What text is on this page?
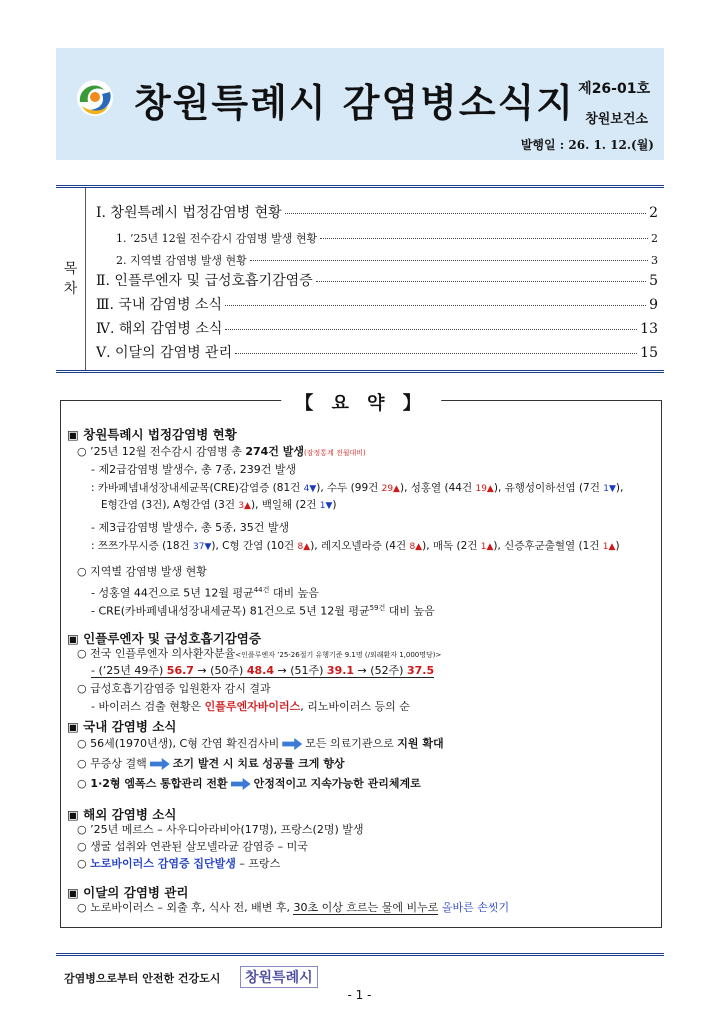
창원특례시 감염병소식지 제26-01호
창원보건소
발행일 : 26. 1. 12.(월)
목
차
Ⅰ. 창원특례시 법정감염병 현황	2
1. ’25년 12월 전수감시 감염병 발생 현황	2
2. 지역별 감염병 발생 현황	3
Ⅱ. 인플루엔자 및 급성호흡기감염증	5
Ⅲ. 국내 감염병 소식	9
Ⅳ. 해외 감염병 소식	13
Ⅴ. 이달의 감염병 관리	15
【 요 약 】
▣ 창원특례시 법정감염병 현황
○ ’25년 12월 전수감시 감염병 총 274건 발생(잠정통계 전월대비)
- 제2급감염병 발생수, 총 7종, 239건 발생
: 카바페넴내성장내세균목(CRE)감염증 (81건 4▼), 수두 (99건 29▲), 성홍열 (44건 19▲), 유행성이하선염 (7건 1▼),
E형간염 (3건), A형간염 (3건 3▲), 백일해 (2건 1▼)
- 제3급감염병 발생수, 총 5종, 35건 발생
: 쯔쯔가무시증 (18건 37▼), C형 간염 (10건 8▲), 레지오넬라증 (4건 8▲), 매독 (2건 1▲), 신증후군출혈열 (1건 1▲)
○ 지역별 감염병 발생 현황
- 성홍열 44건으로 5년 12월 평균$^{44건}$ 대비 높음
- CRE(카바페넴내성장내세균목) 81건으로 5년 12월 평균$^{59건}$ 대비 높음
▣ 인플루엔자 및 급성호흡기감염증
○ 전국 인플루엔자 의사환자분율<인플루엔자 ’25-26절기 유행기준 9.1명 (/외래환자 1,000명당)>
- (’25년 49주) 56.7 → (50주) 48.4 → (51주) 39.1 → (52주) 37.5
○ 급성호흡기감염증 입원환자 감시 결과
- 바이러스 검출 현황은 인플루엔자바이러스, 리노바이러스 등의 순
▣ 국내 감염병 소식
○ 56세(1970년생), C형 간염 확진검사비 모든 의료기관으로 지원 확대
○ 무증상 결핵 조기 발견 시 치료 성공률 크게 향상
○ 1·2형 엠폭스 통합관리 전환 안정적이고 지속가능한 관리체계로
▣ 해외 감염병 소식
○ ’25년 메르스 – 사우디아라비아(17명), 프랑스(2명) 발생
○ 생굴 섭취와 연관된 살모넬라균 감염증 – 미국
○ 노로바이러스 감염증 집단발생 – 프랑스
▣ 이달의 감염병 관리
○ 노로바이러스 – 외출 후, 식사 전, 배변 후, 30초 이상 흐르는 물에 비누로 올바른 손씻기
감염병으로부터 안전한 건강도시	창원특례시
- 1 -
